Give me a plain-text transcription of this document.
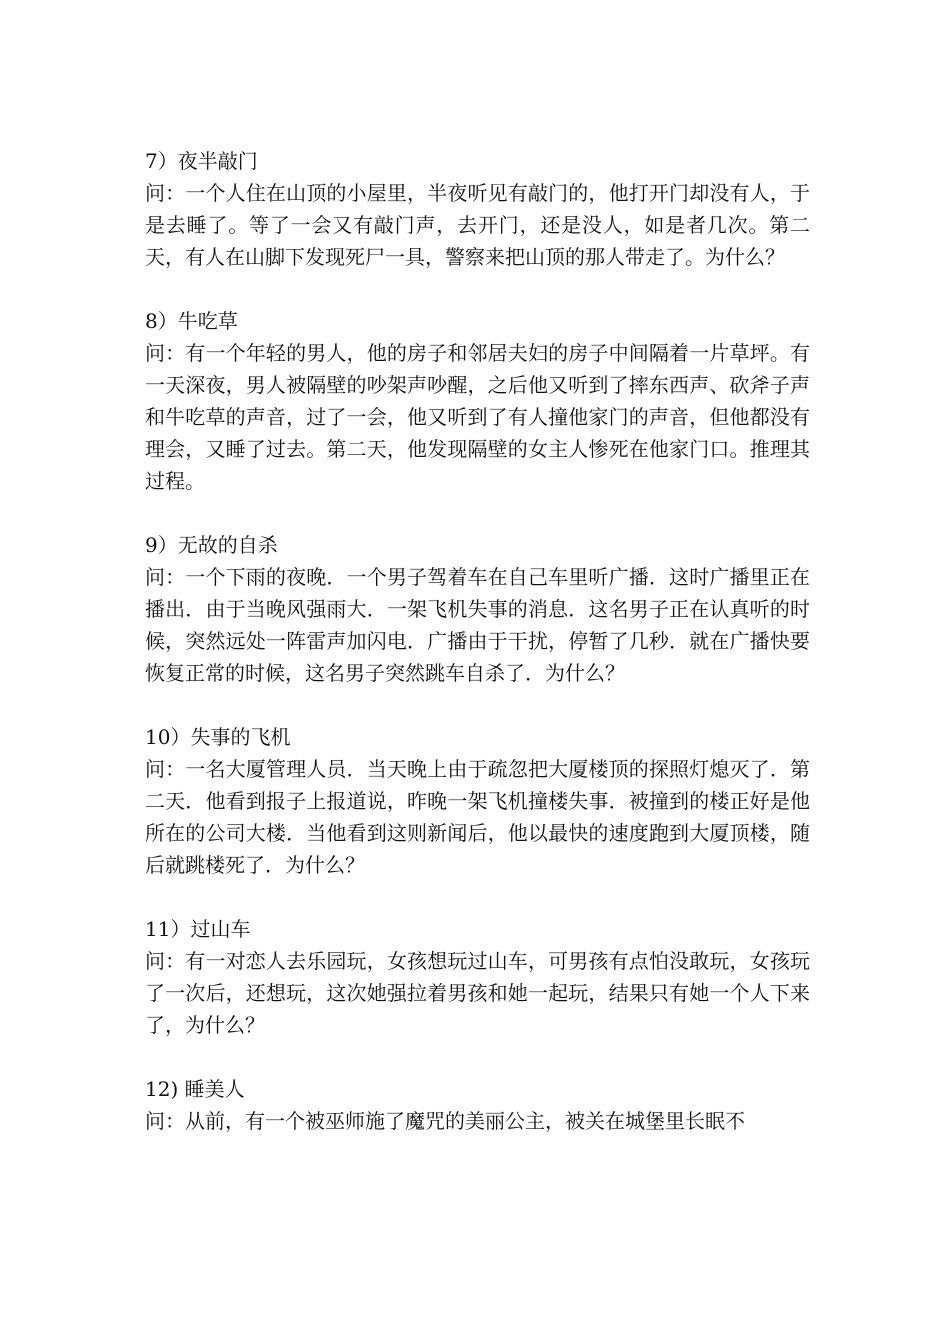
7）夜半敲门

问：一个人住在山顶的小屋里，半夜听见有敲门的，他打开门却没有人，于是去睡了。等了一会又有敲门声，去开门，还是没人，如是者几次。第二天，有人在山脚下发现死尸一具，警察来把山顶的那人带走了。为什么？

8）牛吃草

问：有一个年轻的男人，他的房子和邻居夫妇的房子中间隔着一片草坪。有一天深夜，男人被隔壁的吵架声吵醒，之后他又听到了摔东西声、砍斧子声和牛吃草的声音，过了一会，他又听到了有人撞他家门的声音，但他都没有理会，又睡了过去。第二天，他发现隔壁的女主人惨死在他家门口。推理其过程。

9）无故的自杀

问：一个下雨的夜晚．一个男子驾着车在自己车里听广播．这时广播里正在播出．由于当晚风强雨大．一架飞机失事的消息．这名男子正在认真听的时候，突然远处一阵雷声加闪电．广播由于干扰，停暂了几秒．就在广播快要恢复正常的时候，这名男子突然跳车自杀了．为什么？

10）失事的飞机

问：一名大厦管理人员．当天晚上由于疏忽把大厦楼顶的探照灯熄灭了．第二天．他看到报子上报道说，昨晚一架飞机撞楼失事．被撞到的楼正好是他所在的公司大楼．当他看到这则新闻后，他以最快的速度跑到大厦顶楼，随后就跳楼死了．为什么？

11）过山车

问：有一对恋人去乐园玩，女孩想玩过山车，可男孩有点怕没敢玩，女孩玩了一次后，还想玩，这次她强拉着男孩和她一起玩，结果只有她一个人下来了，为什么？

12) 睡美人

问：从前，有一个被巫师施了魔咒的美丽公主，被关在城堡里长眠不
